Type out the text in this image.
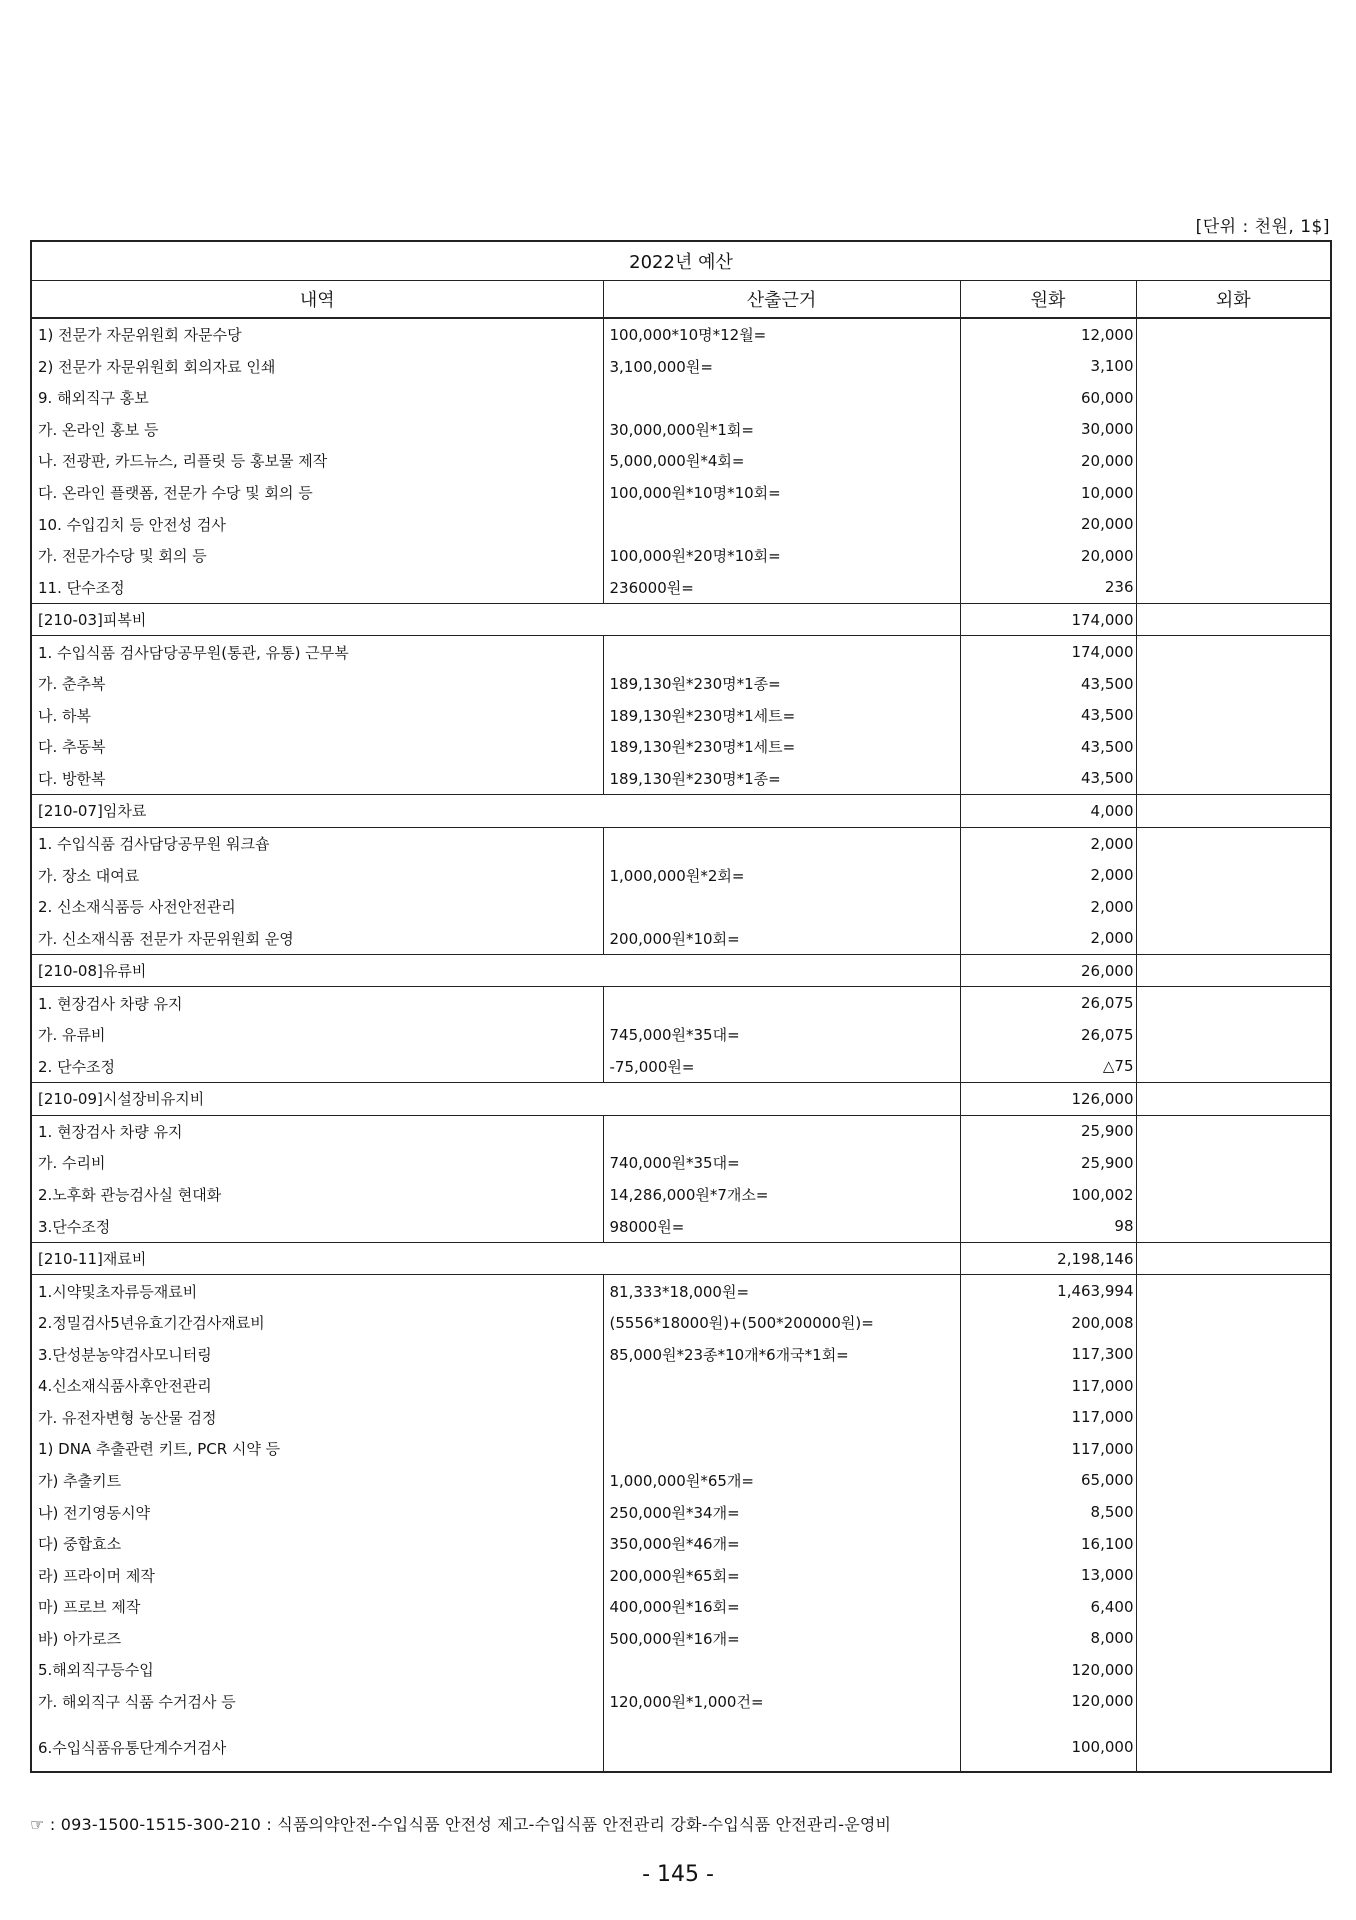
[단위 : 천원, 1$]
2022년 예산			
내역	산출근거	원화	외화
1) 전문가 자문위원회 자문수당	100,000*10명*12월=	12,000	
2) 전문가 자문위원회 회의자료 인쇄	3,100,000원=	3,100	
9. 해외직구 홍보		60,000	
가. 온라인 홍보 등	30,000,000원*1회=	30,000	
나. 전광판, 카드뉴스, 리플릿 등 홍보물 제작	5,000,000원*4회=	20,000	
다. 온라인 플랫폼, 전문가 수당 및 회의 등	100,000원*10명*10회=	10,000	
10. 수입김치 등 안전성 검사		20,000	
가. 전문가수당 및 회의 등	100,000원*20명*10회=	20,000	
11. 단수조정	236000원=	236	
[210-03]피복비		174,000	
1. 수입식품 검사담당공무원(통관, 유통) 근무복		174,000	
가. 춘추복	189,130원*230명*1종=	43,500	
나. 하복	189,130원*230명*1세트=	43,500	
다. 추동복	189,130원*230명*1세트=	43,500	
다. 방한복	189,130원*230명*1종=	43,500	
[210-07]임차료		4,000	
1. 수입식품 검사담당공무원 워크숍		2,000	
가. 장소 대여료	1,000,000원*2회=	2,000	
2. 신소재식품등 사전안전관리		2,000	
가. 신소재식품 전문가 자문위원회 운영	200,000원*10회=	2,000	
[210-08]유류비		26,000	
1. 현장검사 차량 유지		26,075	
가. 유류비	745,000원*35대=	26,075	
2. 단수조정	-75,000원=	△75	
[210-09]시설장비유지비		126,000	
1. 현장검사 차량 유지		25,900	
가. 수리비	740,000원*35대=	25,900	
2.노후화 관능검사실 현대화	14,286,000원*7개소=	100,002	
3.단수조정	98000원=	98	
[210-11]재료비		2,198,146	
1.시약및초자류등재료비	81,333*18,000원=	1,463,994	
2.정밀검사5년유효기간검사재료비	(5556*18000원)+(500*200000원)=	200,008	
3.단성분농약검사모니터링	85,000원*23종*10개*6개국*1회=	117,300	
4.신소재식품사후안전관리		117,000	
가. 유전자변형 농산물 검정		117,000	
1) DNA 추출관련 키트, PCR 시약 등		117,000	
가) 추출키트	1,000,000원*65개=	65,000	
나) 전기영동시약	250,000원*34개=	8,500	
다) 중합효소	350,000원*46개=	16,100	
라) 프라이머 제작	200,000원*65회=	13,000	
마) 프로브 제작	400,000원*16회=	6,400	
바) 아가로즈	500,000원*16개=	8,000	
5.해외직구등수입		120,000	
가. 해외직구 식품 수거검사 등	120,000원*1,000건=	120,000	
6.수입식품유통단계수거검사		100,000	
☞ : 093-1500-1515-300-210 : 식품의약안전-수입식품 안전성 제고-수입식품 안전관리 강화-수입식품 안전관리-운영비
- 145 -
